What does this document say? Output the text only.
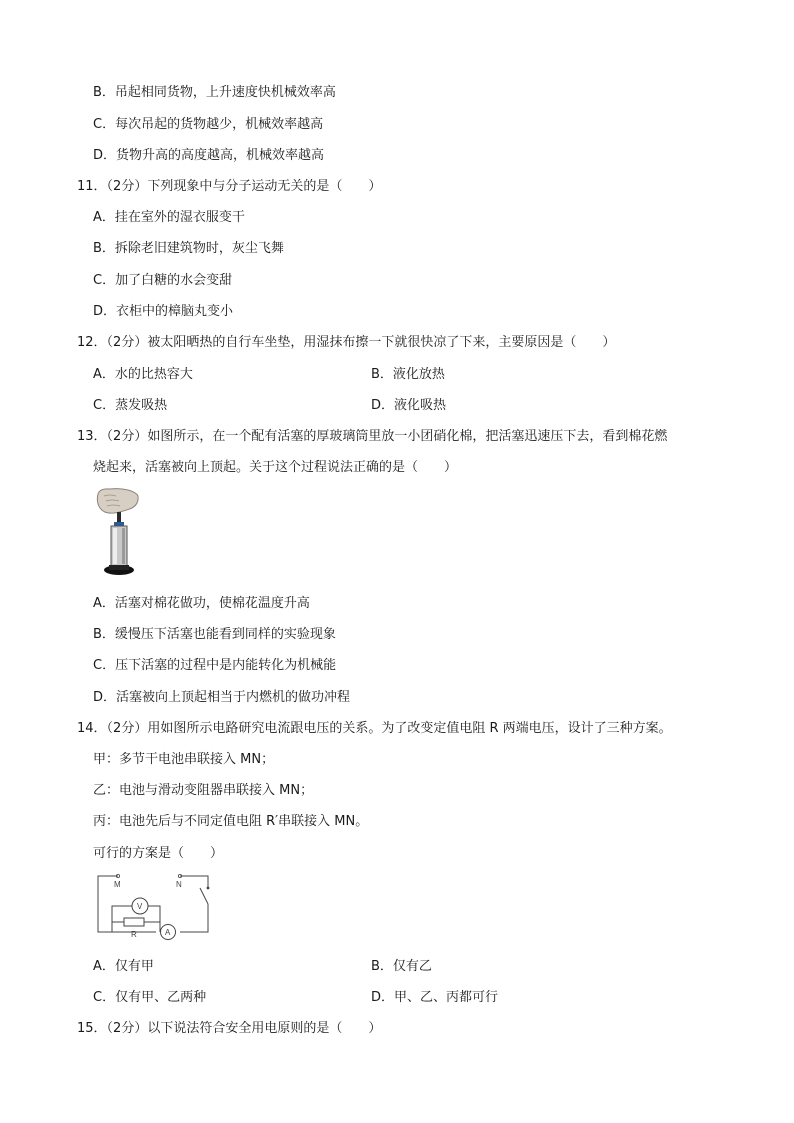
B．吊起相同货物，上升速度快机械效率高
C．每次吊起的货物越少，机械效率越高
D．货物升高的高度越高，机械效率越高
11．（2分）下列现象中与分子运动无关的是（　　）
A．挂在室外的湿衣服变干
B．拆除老旧建筑物时，灰尘飞舞
C．加了白糖的水会变甜
D．衣柜中的樟脑丸变小
12．（2分）被太阳晒热的自行车坐垫，用湿抹布擦一下就很快凉了下来，主要原因是（　　）
A．水的比热容大	B．液化放热
C．蒸发吸热	D．液化吸热
13．（2分）如图所示，在一个配有活塞的厚玻璃筒里放一小团硝化棉，把活塞迅速压下去，看到棉花燃
烧起来，活塞被向上顶起。关于这个过程说法正确的是（　　）
A．活塞对棉花做功，使棉花温度升高
B．缓慢压下活塞也能看到同样的实验现象
C．压下活塞的过程中是内能转化为机械能
D．活塞被向上顶起相当于内燃机的做功冲程
14．（2分）用如图所示电路研究电流跟电压的关系。为了改变定值电阻 R 两端电压，设计了三种方案。
甲：多节干电池串联接入 MN；
乙：电池与滑动变阻器串联接入 MN；
丙：电池先后与不同定值电阻 R′串联接入 MN。
可行的方案是（　　）
M	N
V
R	A
A．仅有甲	B．仅有乙
C．仅有甲、乙两种	D．甲、乙、丙都可行
15．（2分）以下说法符合安全用电原则的是（　　）
